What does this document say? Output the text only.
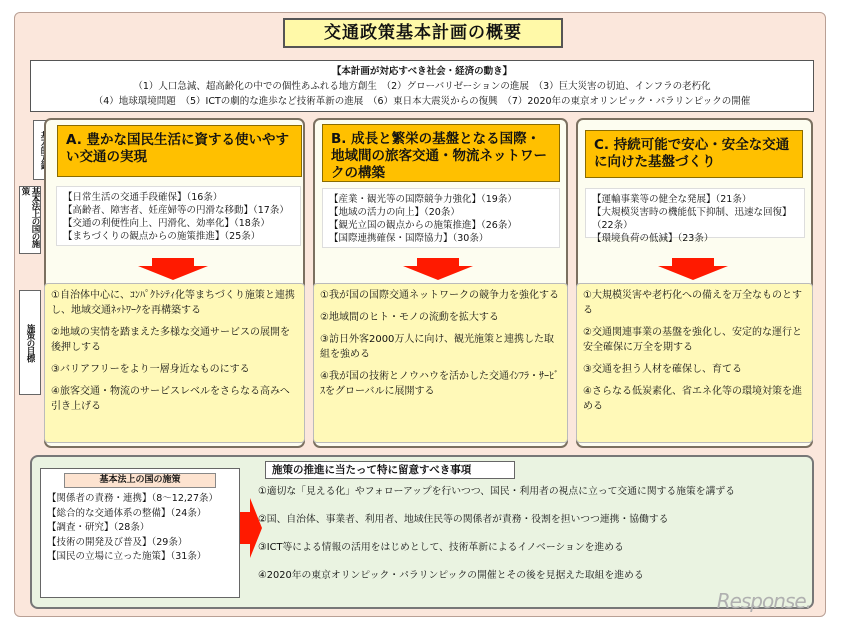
交通政策基本計画の概要
【本計画が対応すべき社会・経済の動き】
（1）人口急減、超高齢化の中での個性あふれる地方創生　（2）グローバリゼーションの進展　（3）巨大災害の切迫、インフラの老朽化
（4）地球環境問題　（5）ICTの劇的な進歩など技術革新の進展　（6）東日本大震災からの復興　（7）2020年の東京オリンピック・パラリンピックの開催
基本法上の国の施策
施策の目標
A. 豊かな国民生活に資する使いやすい交通の実現
【日常生活の交通手段確保】（16条）
【高齢者、障害者、妊産婦等の円滑な移動】（17条）
【交通の利便性向上、円滑化、効率化】（18条）
【まちづくりの観点からの施策推進】（25条）

①自治体中心に、ｺﾝﾊﾟｸﾄｼﾃｨ化等まちづくり施策と連携し、地域交通ﾈｯﾄﾜｰｸを再構築する

②地域の実情を踏まえた多様な交通サービスの展開を後押しする

③バリアフリーをより一層身近なものにする

④旅客交通・物流のサービスレベルをさらなる高みへ引き上げる

B. 成長と繁栄の基盤となる国際・地域間の旅客交通・物流ネットワークの構築
【産業・観光等の国際競争力強化】（19条）
【地域の活力の向上】（20条）
【観光立国の観点からの施策推進】（26条）
【国際連携確保・国際協力】（30条）

①我が国の国際交通ネットワークの競争力を強化する

②地域間のヒト・モノの流動を拡大する

③訪日外客2000万人に向け、観光施策と連携した取組を強める

④我が国の技術とノウハウを活かした交通ｲﾝﾌﾗ・ｻｰﾋﾞｽをグローバルに展開する

C. 持続可能で安心・安全な交通に向けた基盤づくり
【運輸事業等の健全な発展】（21条）
【大規模災害時の機能低下抑制、迅速な回復】（22条）
【環境負荷の低減】（23条）

①大規模災害や老朽化への備えを万全なものとする

②交通関連事業の基盤を強化し、安定的な運行と安全確保に万全を期する

③交通を担う人材を確保し、育てる

④さらなる低炭素化、省エネ化等の環境対策を進める

基本法上の国の施策
【関係者の責務・連携】（8～12,27条）
【総合的な交通体系の整備】（24条）
【調査・研究】（28条）
【技術の開発及び普及】（29条）
【国民の立場に立った施策】（31条）
施策の推進に当たって特に留意すべき事項

①適切な「見える化」やフォローアップを行いつつ、国民・利用者の視点に立って交通に関する施策を講ずる

②国、自治体、事業者、利用者、地域住民等の関係者が責務・役割を担いつつ連携・協働する

③ICT等による情報の活用をはじめとして、技術革新によるイノベーションを進める

④2020年の東京オリンピック・パラリンピックの開催とその後を見据えた取組を進める

Response.
